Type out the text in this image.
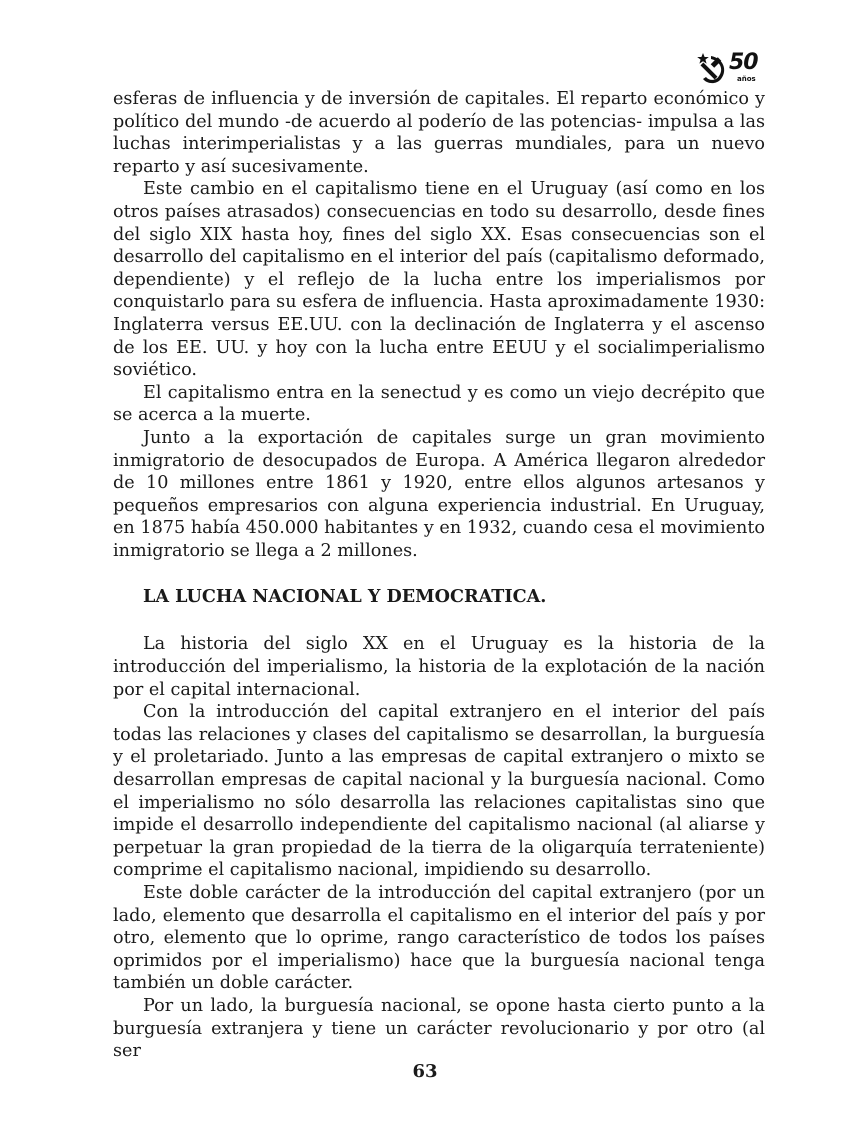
50
años

esferas de influencia y de inversión de capitales. El reparto económico y político del mundo -de acuerdo al poderío de las potencias- impulsa a las luchas interimperialistas y a las guerras mundiales, para un nuevo reparto y así sucesivamente.

Este cambio en el capitalismo tiene en el Uruguay (así como en los otros países atrasados) consecuencias en todo su desarrollo, desde fines del siglo XIX hasta hoy, fines del siglo XX. Esas consecuencias son el desarrollo del capitalismo en el interior del país (capitalismo deformado, dependiente) y el reflejo de la lucha entre los imperialismos por conquistarlo para su esfera de influencia. Hasta aproximadamente 1930: Inglaterra versus EE.UU. con la declinación de Inglaterra y el ascenso de los EE. UU. y hoy con la lucha entre EEUU y el socialimperialismo soviético.

El capitalismo entra en la senectud y es como un viejo decrépito que se acerca a la muerte.

Junto a la exportación de capitales surge un gran movimiento inmigratorio de desocupados de Europa. A América llegaron alrededor de 10 millones entre 1861 y 1920, entre ellos algunos artesanos y pequeños empresarios con alguna experiencia industrial. En Uruguay, en 1875 había 450.000 habitantes y en 1932, cuando cesa el movimiento inmigratorio se llega a 2 millones.

LA LUCHA NACIONAL Y DEMOCRATICA.

La historia del siglo XX en el Uruguay es la historia de la introducción del imperialismo, la historia de la explotación de la nación por el capital internacional.

Con la introducción del capital extranjero en el interior del país todas las relaciones y clases del capitalismo se desarrollan, la burguesía y el proletariado. Junto a las empresas de capital extranjero o mixto se desarrollan empresas de capital nacional y la burguesía nacional. Como el imperialismo no sólo desarrolla las relaciones capitalistas sino que impide el desarrollo independiente del capitalismo nacional (al aliarse y perpetuar la gran propiedad de la tierra de la oligarquía terrateniente) comprime el capitalismo nacional, impidiendo su desarrollo.

Este doble carácter de la introducción del capital extranjero (por un lado, elemento que desarrolla el capitalismo en el interior del país y por otro, elemento que lo oprime, rango característico de todos los países oprimidos por el imperialismo) hace que la burguesía nacional tenga también un doble carácter.

Por un lado, la burguesía nacional, se opone hasta cierto punto a la burguesía extranjera y tiene un carácter revolucionario y por otro (al ser

63
